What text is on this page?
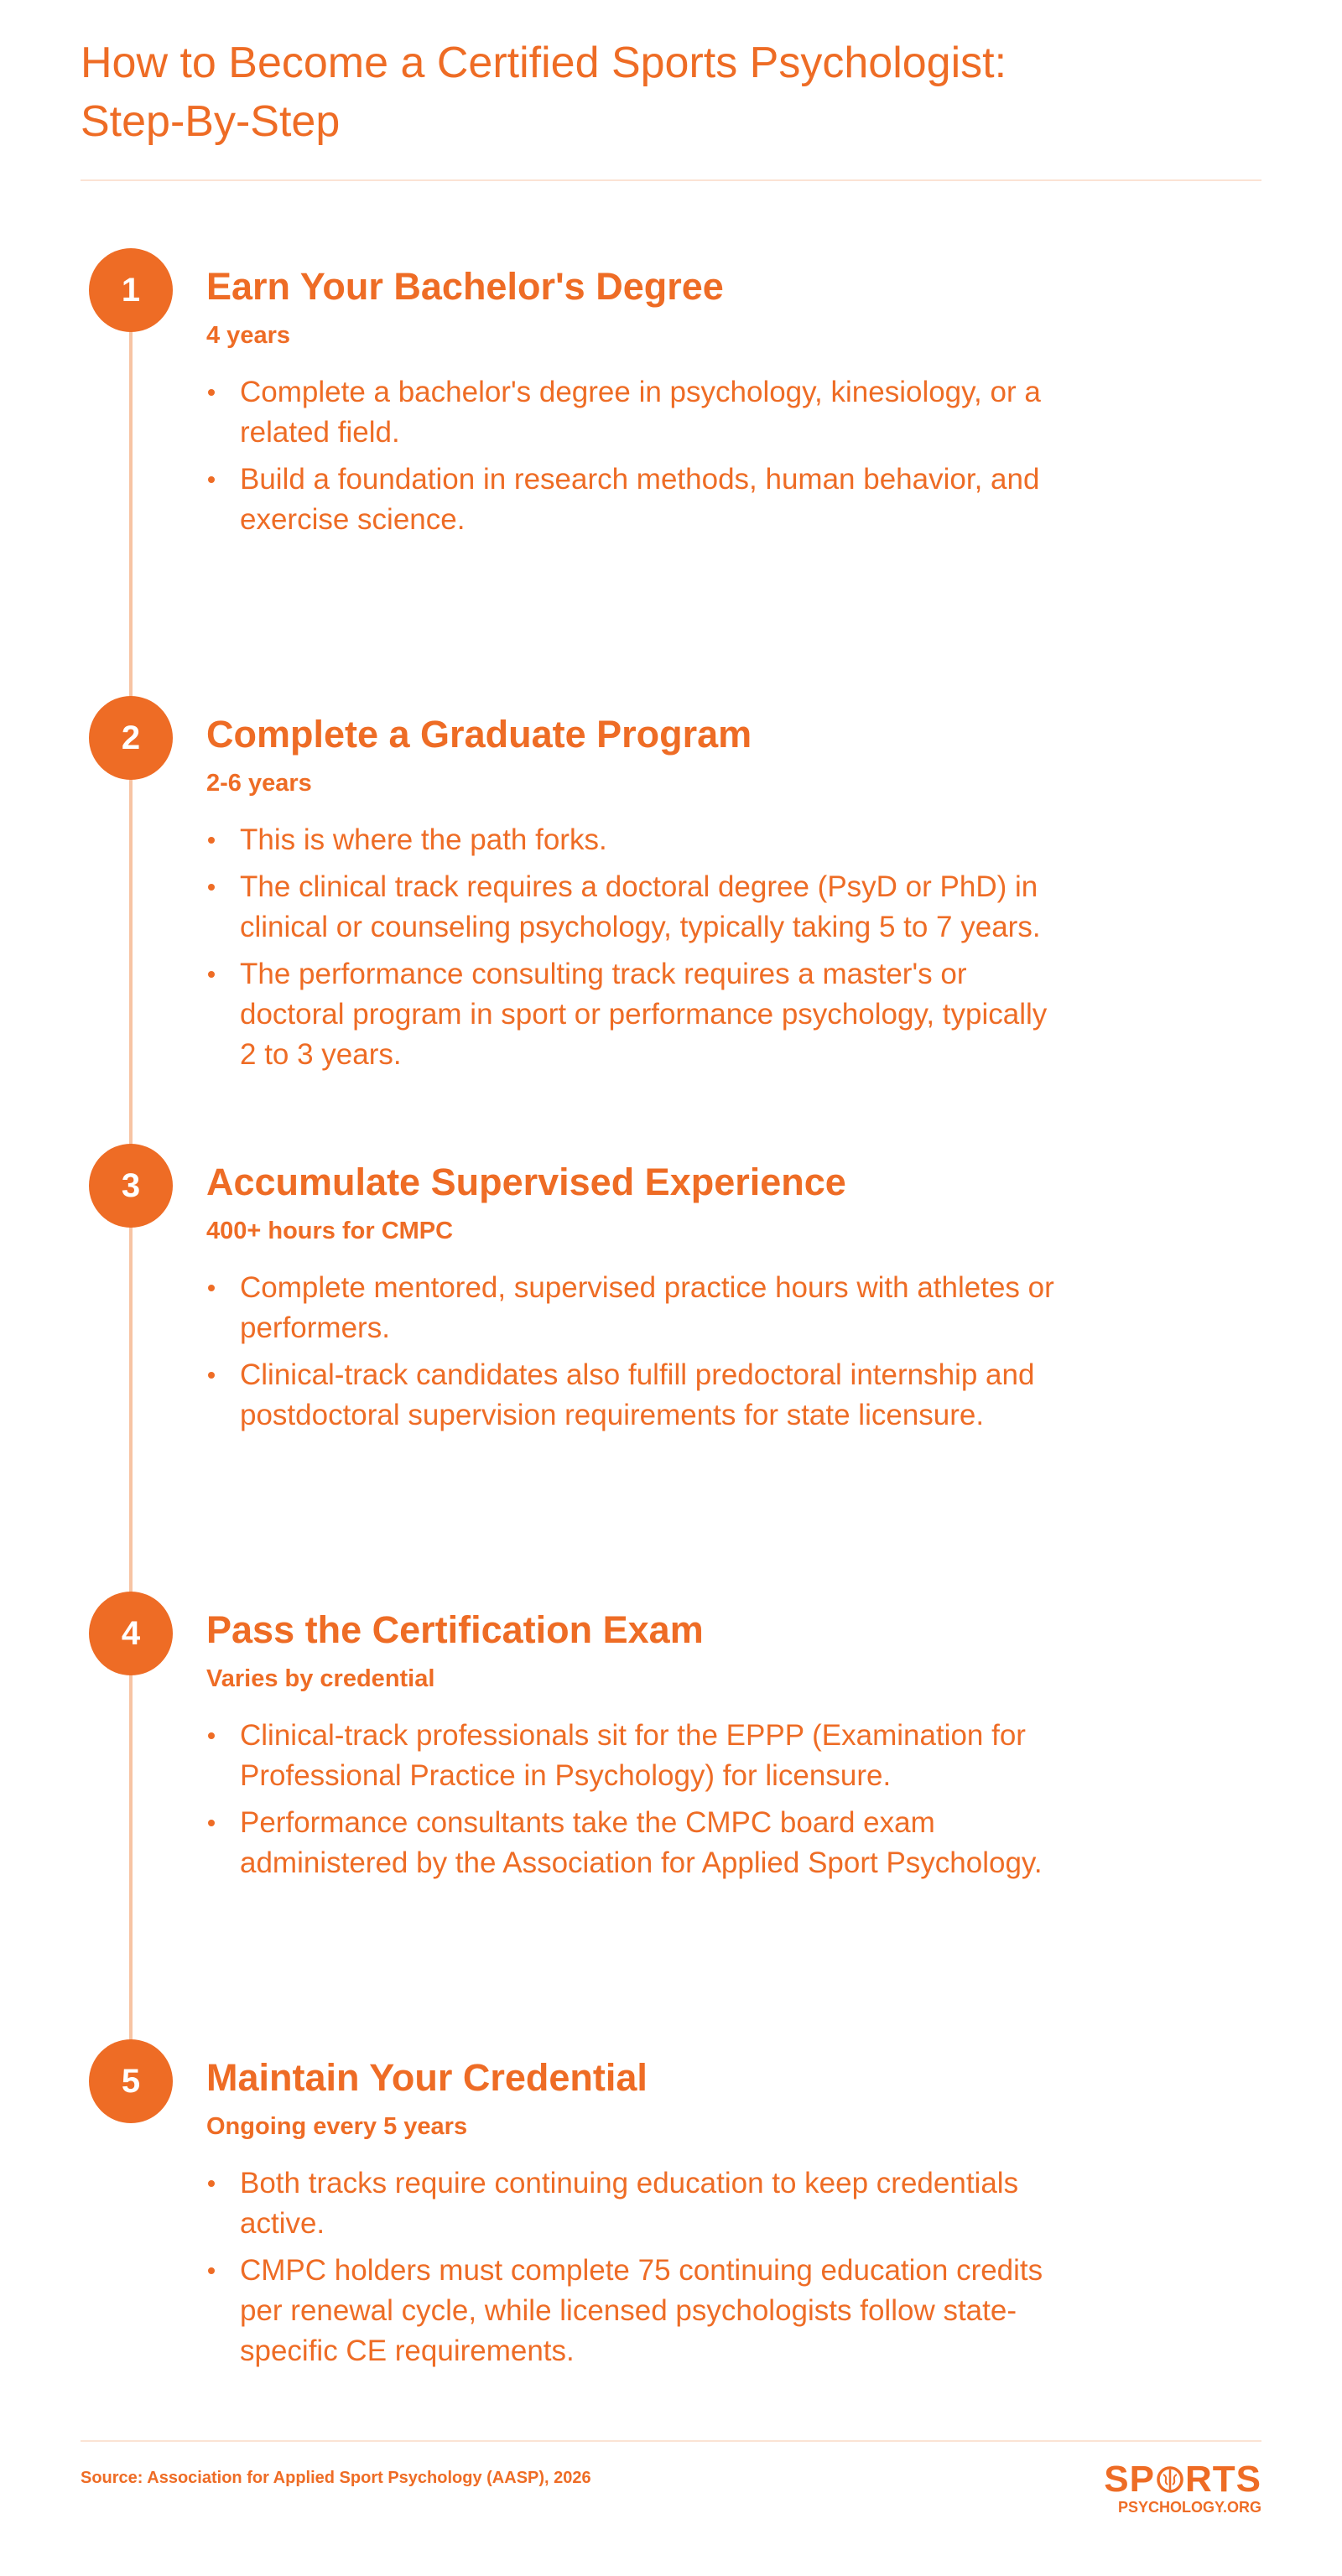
How to Become a Certified Sports Psychologist:
Step-By-Step
1	Earn Your Bachelor's Degree
4 years
Complete a bachelor's degree in psychology, kinesiology, or a related field.
Build a foundation in research methods, human behavior, and exercise science.
2	Complete a Graduate Program
2-6 years
This is where the path forks.
The clinical track requires a doctoral degree (PsyD or PhD) in clinical or counseling psychology, typically taking 5 to 7 years.
The performance consulting track requires a master's or doctoral program in sport or performance psychology, typically 2 to 3 years.
3	Accumulate Supervised Experience
400+ hours for CMPC
Complete mentored, supervised practice hours with athletes or performers.
Clinical-track candidates also fulfill predoctoral internship and postdoctoral supervision requirements for state licensure.
4	Pass the Certification Exam
Varies by credential
Clinical-track professionals sit for the EPPP (Examination for Professional Practice in Psychology) for licensure.
Performance consultants take the CMPC board exam administered by the Association for Applied Sport Psychology.
5	Maintain Your Credential
Ongoing every 5 years
Both tracks require continuing education to keep credentials active.
CMPC holders must complete 75 continuing education credits per renewal cycle, while licensed psychologists follow state-specific CE requirements.
Source: Association for Applied Sport Psychology (AASP), 2026	SP RTS
PSYCHOLOGY.ORG
